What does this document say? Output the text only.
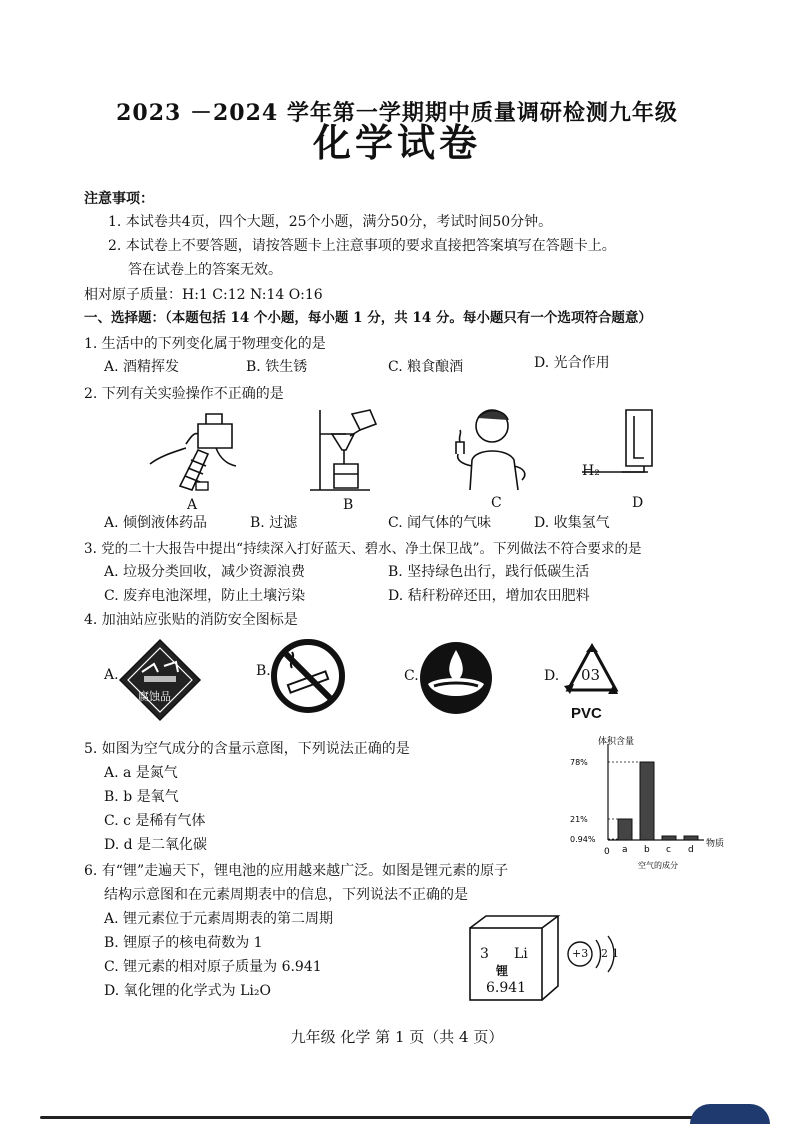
2023 －2024 学年第一学期期中质量调研检测九年级
化学试卷
注意事项：
1. 本试卷共4页，四个大题，25个小题，满分50分，考试时间50分钟。
2. 本试卷上不要答题，请按答题卡上注意事项的要求直接把答案填写在答题卡上。
答在试卷上的答案无效。
相对原子质量：H:1 C:12 N:14 O:16
一、选择题：（本题包括 14 个小题，每小题 1 分，共 14 分。每小题只有一个选项符合题意）
1. 生活中的下列变化属于物理变化的是
A. 酒精挥发	B. 铁生锈	C. 粮食酿酒	D. 光合作用
2. 下列有关实验操作不正确的是
A	B	C
H₂
D
A. 倾倒液体药品	B. 过滤	C. 闻气体的气味	D. 收集氢气
3. 党的二十大报告中提出“持续深入打好蓝天、碧水、净土保卫战”。下列做法不符合要求的是
A. 垃圾分类回收，减少资源浪费	B. 坚持绿色出行，践行低碳生活
C. 废弃电池深埋，防止土壤污染	D. 秸秆粉碎还田，增加农田肥料
4. 加油站应张贴的消防安全图标是
A.
腐蚀品
B.	C.	D. 03
PVC
5. 如图为空气成分的含量示意图，下列说法正确的是
A. a 是氮气
B. b 是氧气
C. c 是稀有气体
D. d 是二氧化碳
体积含量
物质
空气的成分
0 a b c d
78%
21%
0.94%
6. 有“锂”走遍天下，锂电池的应用越来越广泛。如图是锂元素的原子
结构示意图和在元素周期表中的信息，下列说法不正确的是
A. 锂元素位于元素周期表的第二周期
B. 锂原子的核电荷数为 1
C. 锂元素的相对原子质量为 6.941
D. 氧化锂的化学式为 Li₂O
3 Li
锂
6.941
+3 2 1
九年级 化学 第 1 页（共 4 页）
